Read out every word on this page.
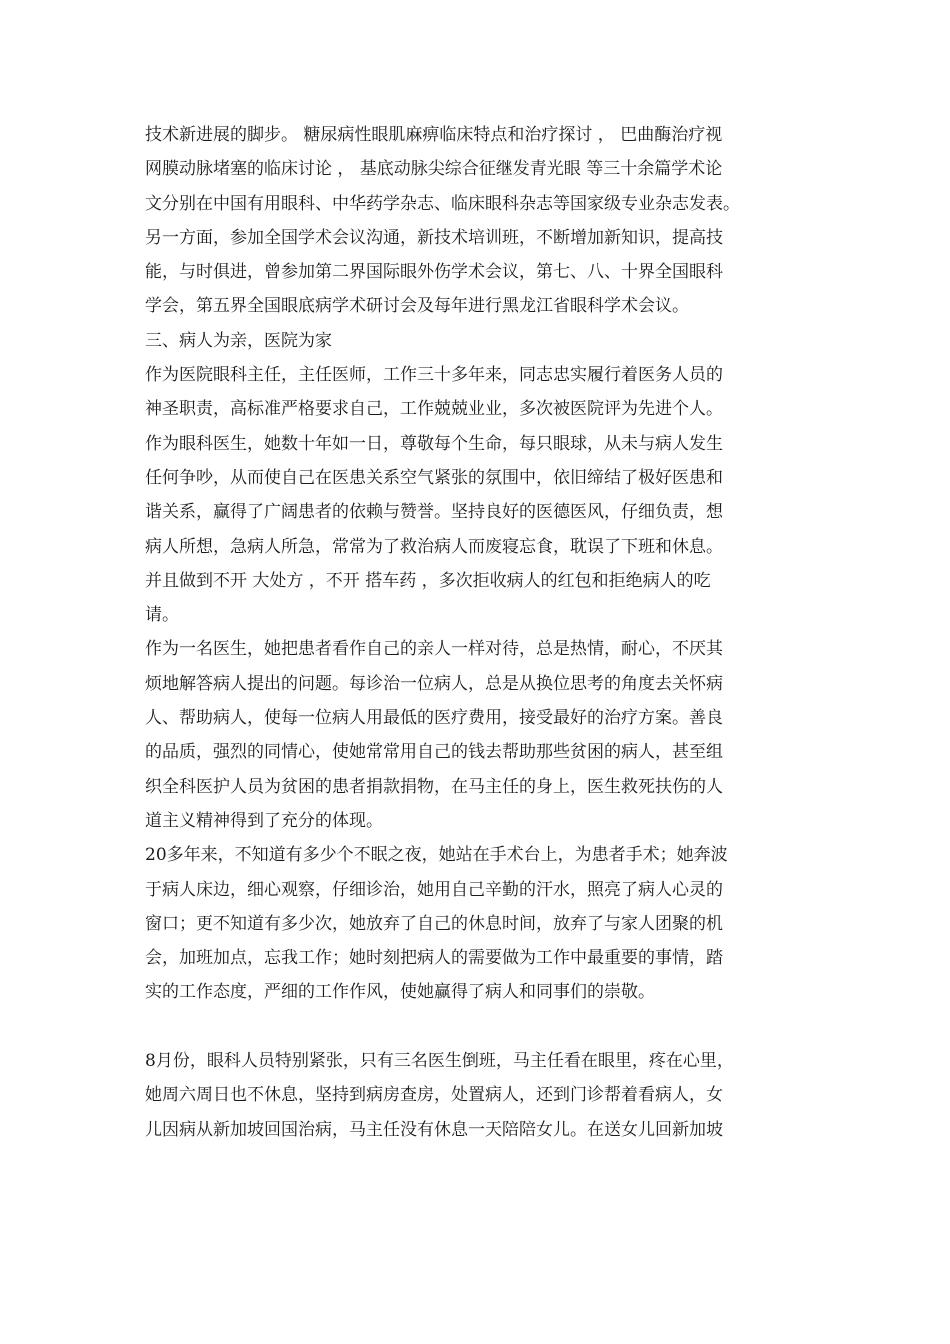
技术新进展的脚步。 糖尿病性眼肌麻痹临床特点和治疗探讨 ， 巴曲酶治疗视
网膜动脉堵塞的临床讨论 ， 基底动脉尖综合征继发青光眼 等三十余篇学术论
文分别在中国有用眼科、中华药学杂志、临床眼科杂志等国家级专业杂志发表。
另一方面，参加全国学术会议沟通，新技术培训班，不断增加新知识，提高技
能，与时俱进，曾参加第二界国际眼外伤学术会议，第七、八、十界全国眼科
学会，第五界全国眼底病学术研讨会及每年进行黑龙江省眼科学术会议。
三、病人为亲，医院为家
作为医院眼科主任，主任医师，工作三十多年来，同志忠实履行着医务人员的
神圣职责，高标准严格要求自己，工作兢兢业业，多次被医院评为先进个人。
作为眼科医生，她数十年如一日，尊敬每个生命，每只眼球，从未与病人发生
任何争吵，从而使自己在医患关系空气紧张的氛围中，依旧缔结了极好医患和
谐关系，赢得了广阔患者的依赖与赞誉。坚持良好的医德医风，仔细负责，想
病人所想，急病人所急，常常为了救治病人而废寝忘食，耽误了下班和休息。
并且做到不开 大处方 ，不开 搭车药 ，多次拒收病人的红包和拒绝病人的吃
请。
作为一名医生，她把患者看作自己的亲人一样对待，总是热情，耐心，不厌其
烦地解答病人提出的问题。每诊治一位病人，总是从换位思考的角度去关怀病
人、帮助病人，使每一位病人用最低的医疗费用，接受最好的治疗方案。善良
的品质，强烈的同情心，使她常常用自己的钱去帮助那些贫困的病人，甚至组
织全科医护人员为贫困的患者捐款捐物，在马主任的身上，医生救死扶伤的人
道主义精神得到了充分的体现。
20多年来，不知道有多少个不眠之夜，她站在手术台上，为患者手术；她奔波
于病人床边，细心观察，仔细诊治，她用自己辛勤的汗水，照亮了病人心灵的
窗口；更不知道有多少次，她放弃了自己的休息时间，放弃了与家人团聚的机
会，加班加点，忘我工作；她时刻把病人的需要做为工作中最重要的事情，踏
实的工作态度，严细的工作作风，使她赢得了病人和同事们的崇敬。
8月份，眼科人员特别紧张，只有三名医生倒班，马主任看在眼里，疼在心里，
她周六周日也不休息，坚持到病房查房，处置病人，还到门诊帮着看病人，女
儿因病从新加坡回国治病，马主任没有休息一天陪陪女儿。在送女儿回新加坡
